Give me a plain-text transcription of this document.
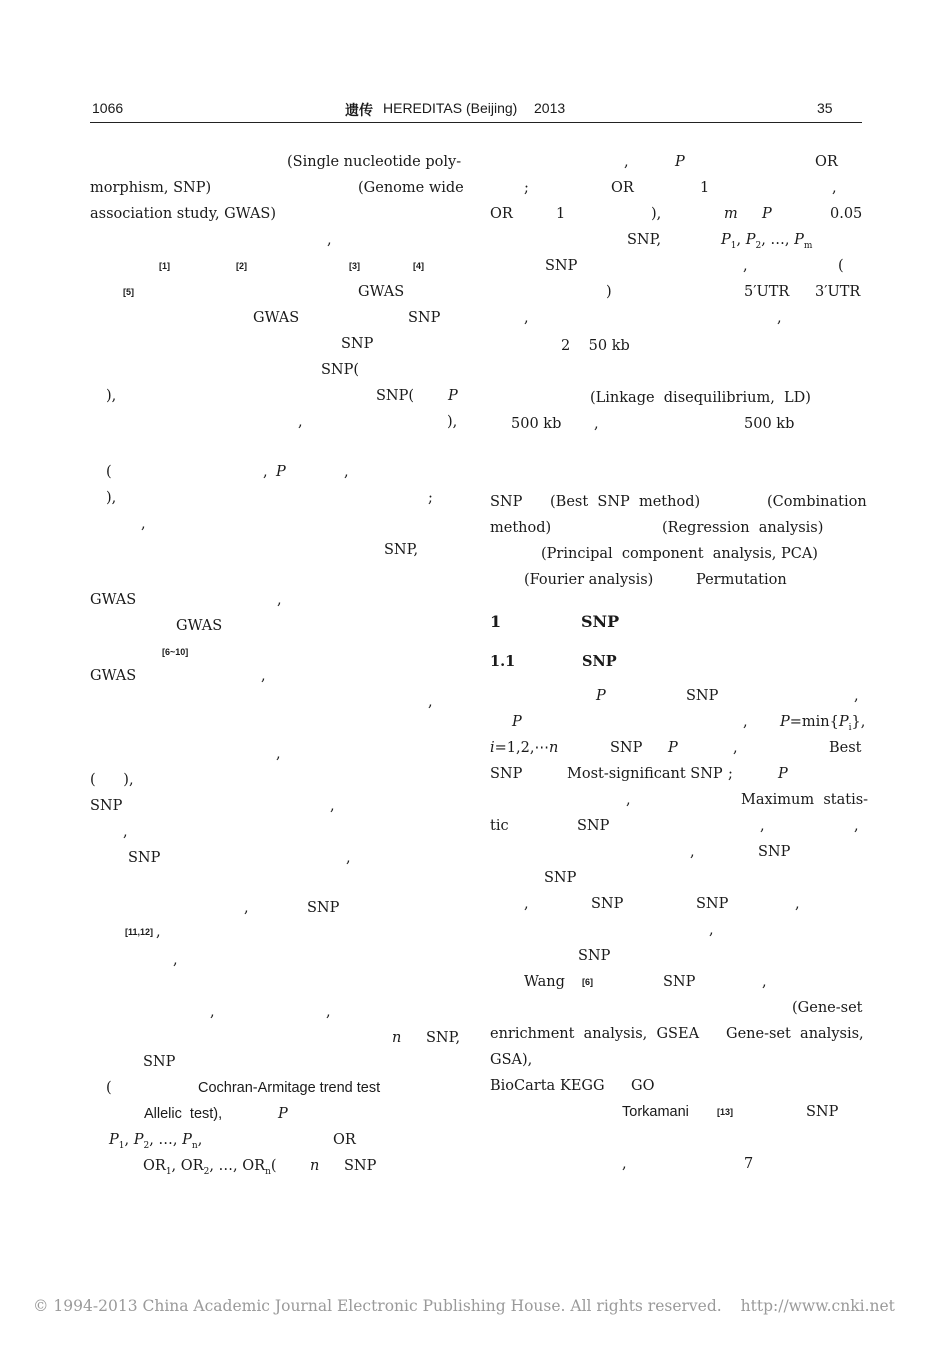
1066	遗传 HEREDITAS (Beijing) 2013	35
(Single nucleotide poly-
morphism, SNP)	(Genome wide
association study, GWAS)
,
[1]	[2]	[3]	[4]
[5]	GWAS
GWAS	SNP
SNP
SNP(
),	SNP( P
,	),
(	, P	,
),	;
,
SNP,
GWAS	,
GWAS
[6~10]
GWAS	,
,
,
(      ),
SNP	,
,
SNP	,
,	SNP
[11,12] ,
,
,	,
n SNP,
SNP
(	Cochran-Armitage trend test
Allelic  test),	P
$P_1$, $P_2$, …, $P_n$,	OR
$OR_1$, $OR_2$, …, $OR_n$( n SNP
,	P	OR
;	OR	1	,
OR	1	),	m P	0.05
SNP,	$P_1$, $P_2$, …, $P_m$
SNP	,	(
)	5′UTR 3′UTR
,	,
2    50 kb
(Linkage  disequilibrium,  LD)
500 kb ,	500 kb
SNP (Best  SNP  method)	(Combination
method)	(Regression  analysis)
(Principal  component  analysis, PCA)
(Fourier analysis)	Permutation
1	SNP
1.1	SNP
P	SNP	,
P	, $P=\min\{P_i\}$,
i=1,2,⋯n	SNP P	,	Best
SNP	Most-significant SNP ;	P
,	Maximum  statis-
tic	SNP	,	,
,	SNP
SNP
,	SNP	SNP	,
,
SNP
Wang [6]	SNP	,
(Gene-set
enrichment  analysis,  GSEA Gene-set  analysis,
GSA),
BioCarta KEGG GO
Torkamani	[13]	SNP
,	7
© 1994-2013 China Academic Journal Electronic Publishing House. All rights reserved. http://www.cnki.net
